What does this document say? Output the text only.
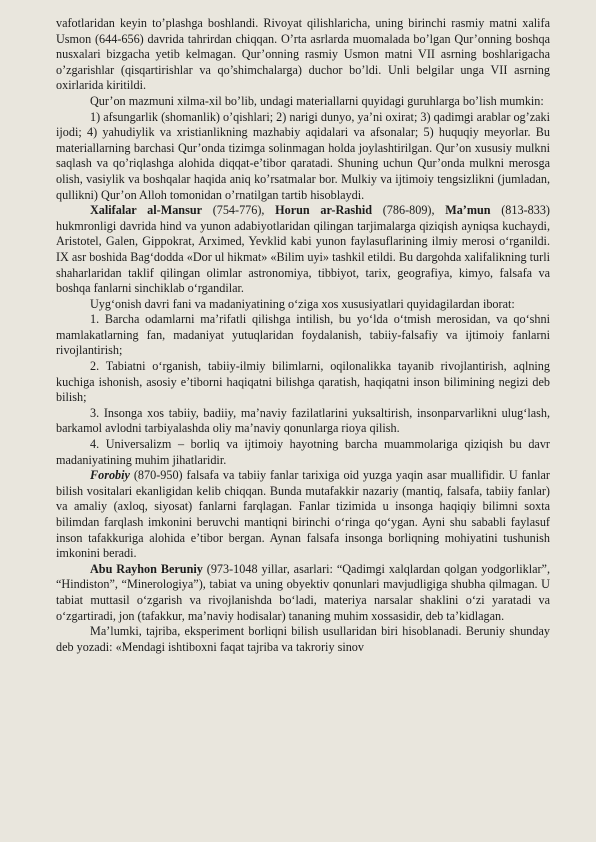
vafotlaridan keyin to’plashga boshlandi. Rivoyat qilishlaricha, uning birinchi rasmiy matni xalifa Usmon (644-656) davrida tahrirdan chiqqan. O’rta asrlarda muomalada bo’lgan Qur’onning boshqa nusxalari bizgacha yetib kelmagan. Qur’onning rasmiy Usmon matni VII asrning boshlarigacha o’zgarishlar (qisqartirishlar va qo’shimchalarga) duchor bo’ldi. Unli belgilar unga VII asrning oxirlarida kiritildi.

Qur’on mazmuni xilma-xil bo’lib, undagi materiallarni quyidagi guruhlarga bo’lish mumkin:

1) afsungarlik (shomanlik) o’qishlari; 2) narigi dunyo, ya’ni oxirat; 3) qadimgi arablar og’zaki ijodi; 4) yahudiylik va xristianlikning mazhabiy aqidalari va afsonalar; 5) huquqiy meyorlar. Bu materiallarning barchasi Qur’onda tizimga solinmagan holda joylashtirilgan. Qur’on xususiy mulkni saqlash va qo’riqlashga alohida diqqat-e’tibor qaratadi. Shuning uchun Qur’onda mulkni merosga olish, vasiylik va boshqalar haqida aniq ko’rsatmalar bor. Mulkiy va ijtimoiy tengsizlikni (jumladan, qullikni) Qur’on Alloh tomonidan o’rnatilgan tartib hisoblaydi.

Xalifalar al-Mansur (754-776), Horun ar-Rashid (786-809), Ma’mun (813-833) hukmronligi davrida hind va yunon adabiyotlaridan qilingan tarjimalarga qiziqish ayniqsa kuchaydi, Aristotel, Galen, Gippokrat, Arximed, Yevklid kabi yunon faylasuflarining ilmiy merosi o‘rganildi. IX asr boshida Bag‘dodda «Dor ul hikmat» «Bilim uyi» tashkil etildi. Bu dargohda xalifalikning turli shaharlaridan taklif qilingan olimlar astronomiya, tibbiyot, tarix, geografiya, kimyo, falsafa va boshqa fanlarni sinchiklab o‘rgandilar.

Uyg‘onish davri fani va madaniyatining o‘ziga xos xususiyatlari quyidagilardan iborat:

1. Barcha odamlarni ma’rifatli qilishga intilish, bu yo‘lda o‘tmish merosidan, va qo‘shni mamlakatlarning fan, madaniyat yutuqlaridan foydalanish, tabiiy-falsafiy va ijtimoiy fanlarni rivojlantirish;

2. Tabiatni o‘rganish, tabiiy-ilmiy bilimlarni, oqilonalikka tayanib rivojlantirish, aqlning kuchiga ishonish, asosiy e’tiborni haqiqatni bilishga qaratish, haqiqatni inson bilimining negizi deb bilish;

3. Insonga xos tabiiy, badiiy, ma’naviy fazilatlarini yuksaltirish, insonparvarlikni ulug‘lash, barkamol avlodni tarbiyalashda oliy ma’naviy qonunlarga rioya qilish.

4. Universalizm – borliq va ijtimoiy hayotning barcha muammolariga qiziqish bu davr madaniyatining muhim jihatlaridir.

Forobiy (870-950) falsafa va tabiiy fanlar tarixiga oid yuzga yaqin asar muallifidir. U fanlar bilish vositalari ekanligidan kelib chiqqan. Bunda mutafakkir nazariy (mantiq, falsafa, tabiiy fanlar) va amaliy (axloq, siyosat) fanlarni farqlagan. Fanlar tizimida u insonga haqiqiy bilimni soxta bilimdan farqlash imkonini beruvchi mantiqni birinchi o‘ringa qo‘ygan. Ayni shu sababli faylasuf inson tafakkuriga alohida e’tibor bergan. Aynan falsafa insonga borliqning mohiyatini tushunish imkonini beradi.

Abu Rayhon Beruniy (973-1048 yillar, asarlari: “Qadimgi xalqlardan qolgan yodgorliklar”, “Hindiston”, “Minerologiya”), tabiat va uning obyektiv qonunlari mavjudligiga shubha qilmagan. U tabiat muttasil o‘zgarish va rivojlanishda bo‘ladi, materiya narsalar shaklini o‘zi yaratadi va o‘zgartiradi, jon (tafakkur, ma’naviy hodisalar) tananing muhim xossasidir, deb ta’kidlagan.

Ma’lumki, tajriba, eksperiment borliqni bilish usullaridan biri hisoblanadi. Beruniy shunday deb yozadi: «Mendagi ishtiboхni faqat tajriba va takroriy sinov
